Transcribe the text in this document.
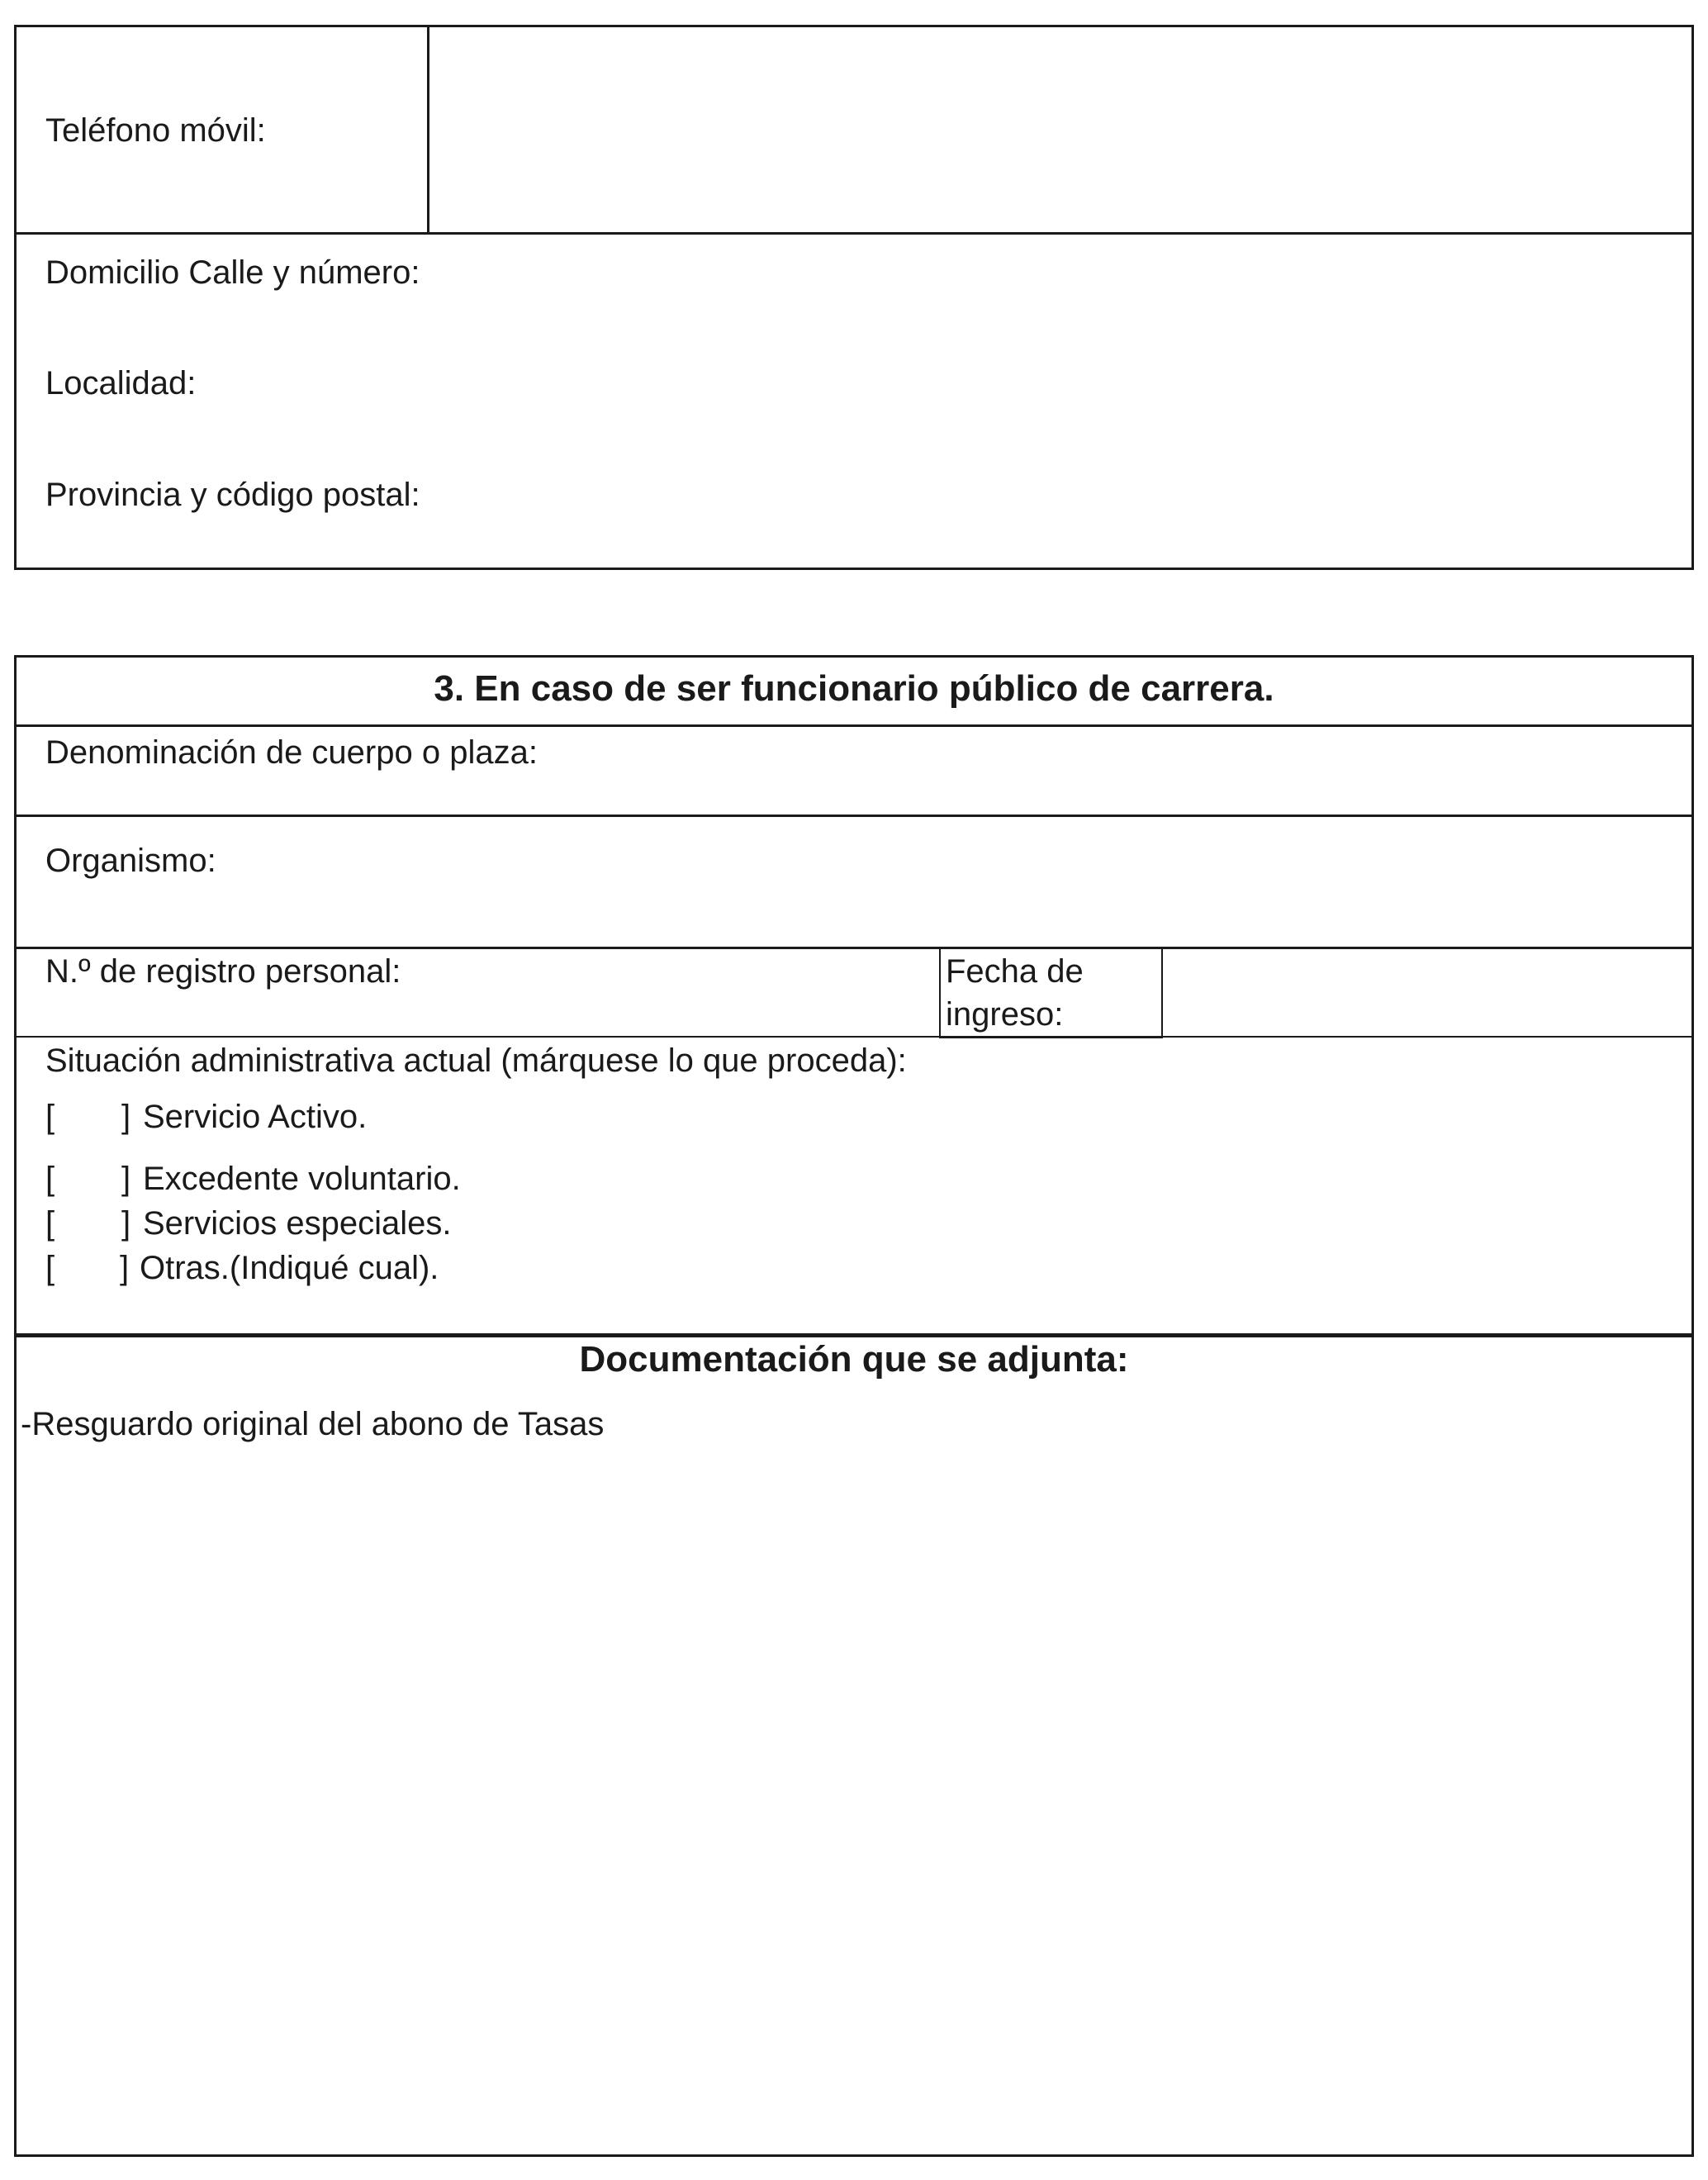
Teléfono móvil:
Domicilio Calle y número:
Localidad:
Provincia y código postal:
3. En caso de ser funcionario público de carrera.
Denominación de cuerpo o plaza:
Organismo:
N.º de registro personal:	Fecha de
ingreso:
Situación administrativa actual (márquese lo que proceda):
[ ] Servicio Activo.
[ ] Excedente voluntario.
[ ] Servicios especiales.
[ ] Otras.(Indiqué cual).
Documentación que se adjunta:
-Resguardo original del abono de Tasas
